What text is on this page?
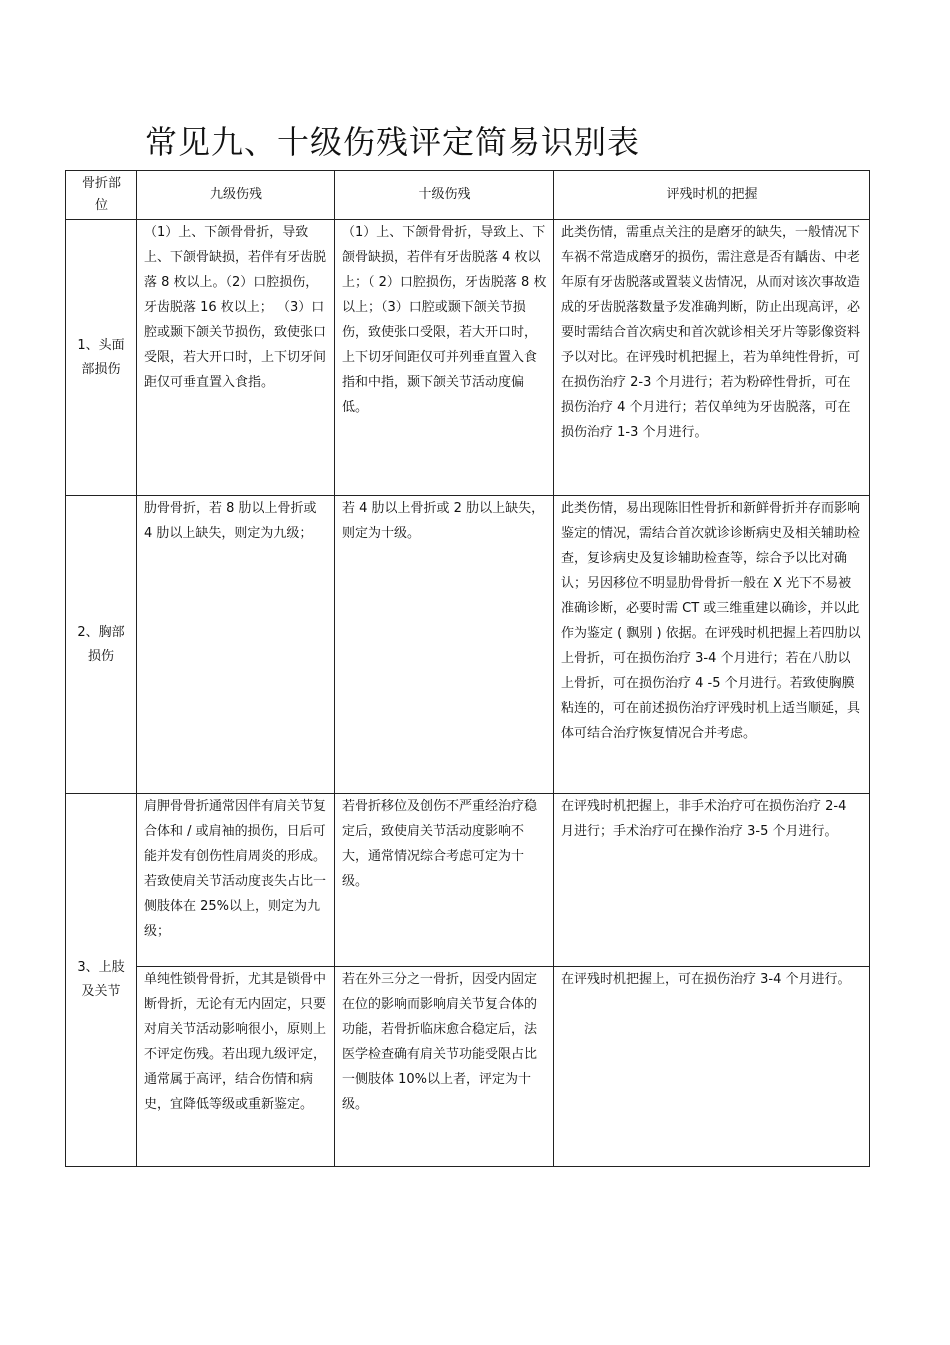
常见九、十级伤残评定简易识别表
骨折部
位	九级伤残	十级伤残	评残时机的把握
1、头面
部损伤	（1）上、下颌骨骨折，导致上、下颌骨缺损，若伴有牙齿脱落 8 枚以上。（2）口腔损伤，牙齿脱落 16 枚以上； （3）口腔或颞下颌关节损伤，致使张口受限，若大开口时，上下切牙间距仅可垂直置入食指。	（1）上、下颌骨骨折，导致上、下颌骨缺损，若伴有牙齿脱落 4 枚以上；（ 2）口腔损伤，牙齿脱落 8 枚以上；（3）口腔或颞下颌关节损伤，致使张口受限，若大开口时，上下切牙间距仅可并列垂直置入食指和中指，颞下颌关节活动度偏低。	此类伤情，需重点关注的是磨牙的缺失，一般情况下车祸不常造成磨牙的损伤，需注意是否有龋齿、中老年原有牙齿脱落或置装义齿情况，从而对该次事故造成的牙齿脱落数量予发准确判断，防止出现高评，必要时需结合首次病史和首次就诊相关牙片等影像资料予以对比。在评残时机把握上，若为单纯性骨折，可在损伤治疗 2-3 个月进行；若为粉碎性骨折，可在损伤治疗 4 个月进行；若仅单纯为牙齿脱落，可在损伤治疗 1-3 个月进行。
2、胸部
损伤	肋骨骨折，若 8 肋以上骨折或 4 肋以上缺失，则定为九级；	若 4 肋以上骨折或 2 肋以上缺失，则定为十级。	此类伤情，易出现陈旧性骨折和新鲜骨折并存而影响鉴定的情况，需结合首次就诊诊断病史及相关辅助检查，复诊病史及复诊辅助检查等，综合予以比对确认；另因移位不明显肋骨骨折一般在 X 光下不易被准确诊断，必要时需 CT 或三维重建以确诊，并以此作为鉴定 ( 飘别 ) 依据。在评残时机把握上若四肋以上骨折，可在损伤治疗 3-4 个月进行；若在八肋以上骨折，可在损伤治疗 4 -5 个月进行。若致使胸膜粘连的，可在前述损伤治疗评残时机上适当顺延，具体可结合治疗恢复情况合并考虑。
3、上肢
及关节	肩胛骨骨折通常因伴有肩关节复合体和 / 或肩袖的损伤，日后可能并发有创伤性肩周炎的形成。若致使肩关节活动度丧失占比一侧肢体在 25%以上，则定为九级；	若骨折移位及创伤不严重经治疗稳定后，致使肩关节活动度影响不大，通常情况综合考虑可定为十级。	在评残时机把握上，非手术治疗可在损伤治疗 2-4 月进行；手术治疗可在操作治疗 3-5 个月进行。
	单纯性锁骨骨折，尤其是锁骨中断骨折，无论有无内固定，只要对肩关节活动影响很小，原则上不评定伤残。若出现九级评定，通常属于高评，结合伤情和病史，宜降低等级或重新鉴定。	若在外三分之一骨折，因受内固定在位的影响而影响肩关节复合体的功能，若骨折临床愈合稳定后，法医学检查确有肩关节功能受限占比一侧肢体 10%以上者，评定为十级。	在评残时机把握上，可在损伤治疗 3-4 个月进行。
